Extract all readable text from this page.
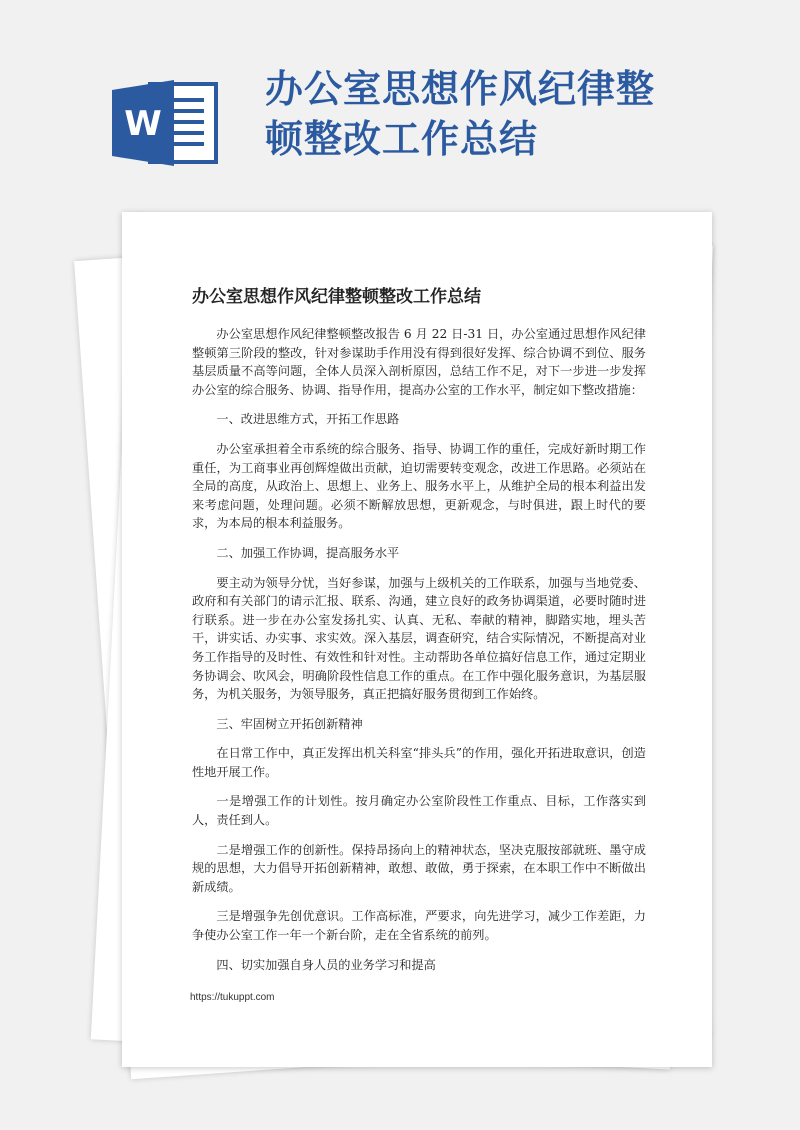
W
办公室思想作风纪律整
顿整改工作总结
办公室思想作风纪律整顿整改工作总结

办公室思想作风纪律整顿整改报告 6 月 22 日-31 日，办公室通过思想作风纪律整顿第三阶段的整改，针对参谋助手作用没有得到很好发挥、综合协调不到位、服务基层质量不高等问题，全体人员深入剖析原因，总结工作不足，对下一步进一步发挥办公室的综合服务、协调、指导作用，提高办公室的工作水平，制定如下整改措施：

一、改进思维方式，开拓工作思路

办公室承担着全市系统的综合服务、指导、协调工作的重任，完成好新时期工作重任，为工商事业再创辉煌做出贡献，迫切需要转变观念，改进工作思路。必须站在全局的高度，从政治上、思想上、业务上、服务水平上，从维护全局的根本利益出发来考虑问题，处理问题。必须不断解放思想，更新观念，与时俱进，跟上时代的要求，为本局的根本利益服务。

二、加强工作协调，提高服务水平

要主动为领导分忧，当好参谋，加强与上级机关的工作联系，加强与当地党委、政府和有关部门的请示汇报、联系、沟通，建立良好的政务协调渠道，必要时随时进行联系。进一步在办公室发扬扎实、认真、无私、奉献的精神，脚踏实地，埋头苦干，讲实话、办实事、求实效。深入基层，调查研究，结合实际情况，不断提高对业务工作指导的及时性、有效性和针对性。主动帮助各单位搞好信息工作，通过定期业务协调会、吹风会，明确阶段性信息工作的重点。在工作中强化服务意识，为基层服务，为机关服务，为领导服务，真正把搞好服务贯彻到工作始终。

三、牢固树立开拓创新精神

在日常工作中，真正发挥出机关科室“排头兵”的作用，强化开拓进取意识，创造性地开展工作。

一是增强工作的计划性。按月确定办公室阶段性工作重点、目标，工作落实到人，责任到人。

二是增强工作的创新性。保持昂扬向上的精神状态，坚决克服按部就班、墨守成规的思想，大力倡导开拓创新精神，敢想、敢做，勇于探索，在本职工作中不断做出新成绩。

三是增强争先创优意识。工作高标准，严要求，向先进学习，减少工作差距，力争使办公室工作一年一个新台阶，走在全省系统的前列。

四、切实加强自身人员的业务学习和提高

https://tukuppt.com
